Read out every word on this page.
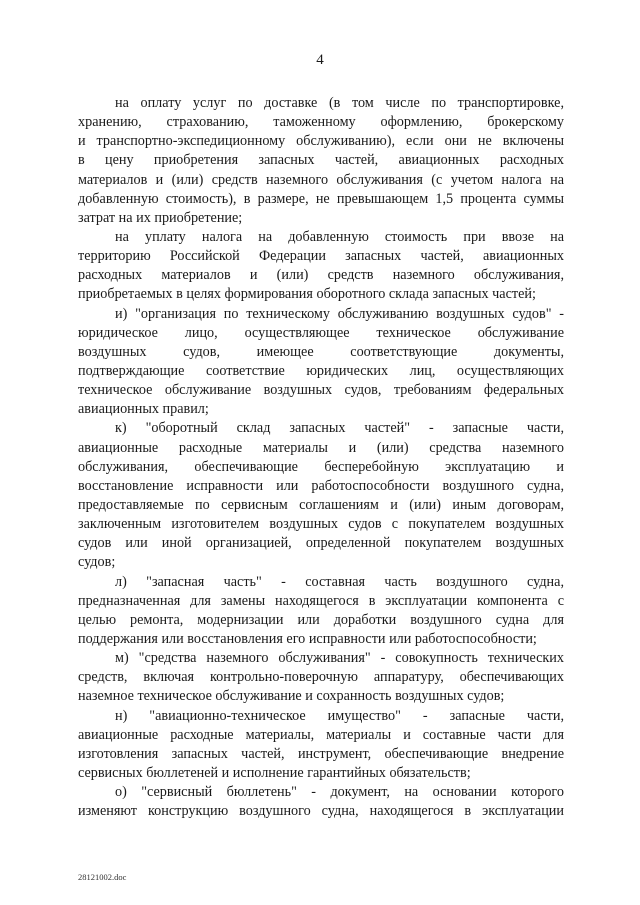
4
на оплату услуг по доставке (в том числе по транспортировке,
хранению, страхованию, таможенному оформлению, брокерскому
и транспортно-экспедиционному обслуживанию), если они не включены
в цену приобретения запасных частей, авиационных расходных
материалов и (или) средств наземного обслуживания (с учетом налога на
добавленную стоимость), в размере, не превышающем 1,5 процента суммы
затрат на их приобретение;
на уплату налога на добавленную стоимость при ввозе на
территорию Российской Федерации запасных частей, авиационных
расходных материалов и (или) средств наземного обслуживания,
приобретаемых в целях формирования оборотного склада запасных частей;
и) "организация по техническому обслуживанию воздушных судов" -
юридическое лицо, осуществляющее техническое обслуживание
воздушных судов, имеющее соответствующие документы,
подтверждающие соответствие юридических лиц, осуществляющих
техническое обслуживание воздушных судов, требованиям федеральных
авиационных правил;
к) "оборотный склад запасных частей" - запасные части,
авиационные расходные материалы и (или) средства наземного
обслуживания, обеспечивающие бесперебойную эксплуатацию и
восстановление исправности или работоспособности воздушного судна,
предоставляемые по сервисным соглашениям и (или) иным договорам,
заключенным изготовителем воздушных судов с покупателем воздушных
судов или иной организацией, определенной покупателем воздушных
судов;
л) "запасная часть" - составная часть воздушного судна,
предназначенная для замены находящегося в эксплуатации компонента с
целью ремонта, модернизации или доработки воздушного судна для
поддержания или восстановления его исправности или работоспособности;
м) "средства наземного обслуживания" - совокупность технических
средств, включая контрольно-поверочную аппаратуру, обеспечивающих
наземное техническое обслуживание и сохранность воздушных судов;
н) "авиационно-техническое имущество" - запасные части,
авиационные расходные материалы, материалы и составные части для
изготовления запасных частей, инструмент, обеспечивающие внедрение
сервисных бюллетеней и исполнение гарантийных обязательств;
о) "сервисный бюллетень" - документ, на основании которого
изменяют конструкцию воздушного судна, находящегося в эксплуатации
28121002.doc
